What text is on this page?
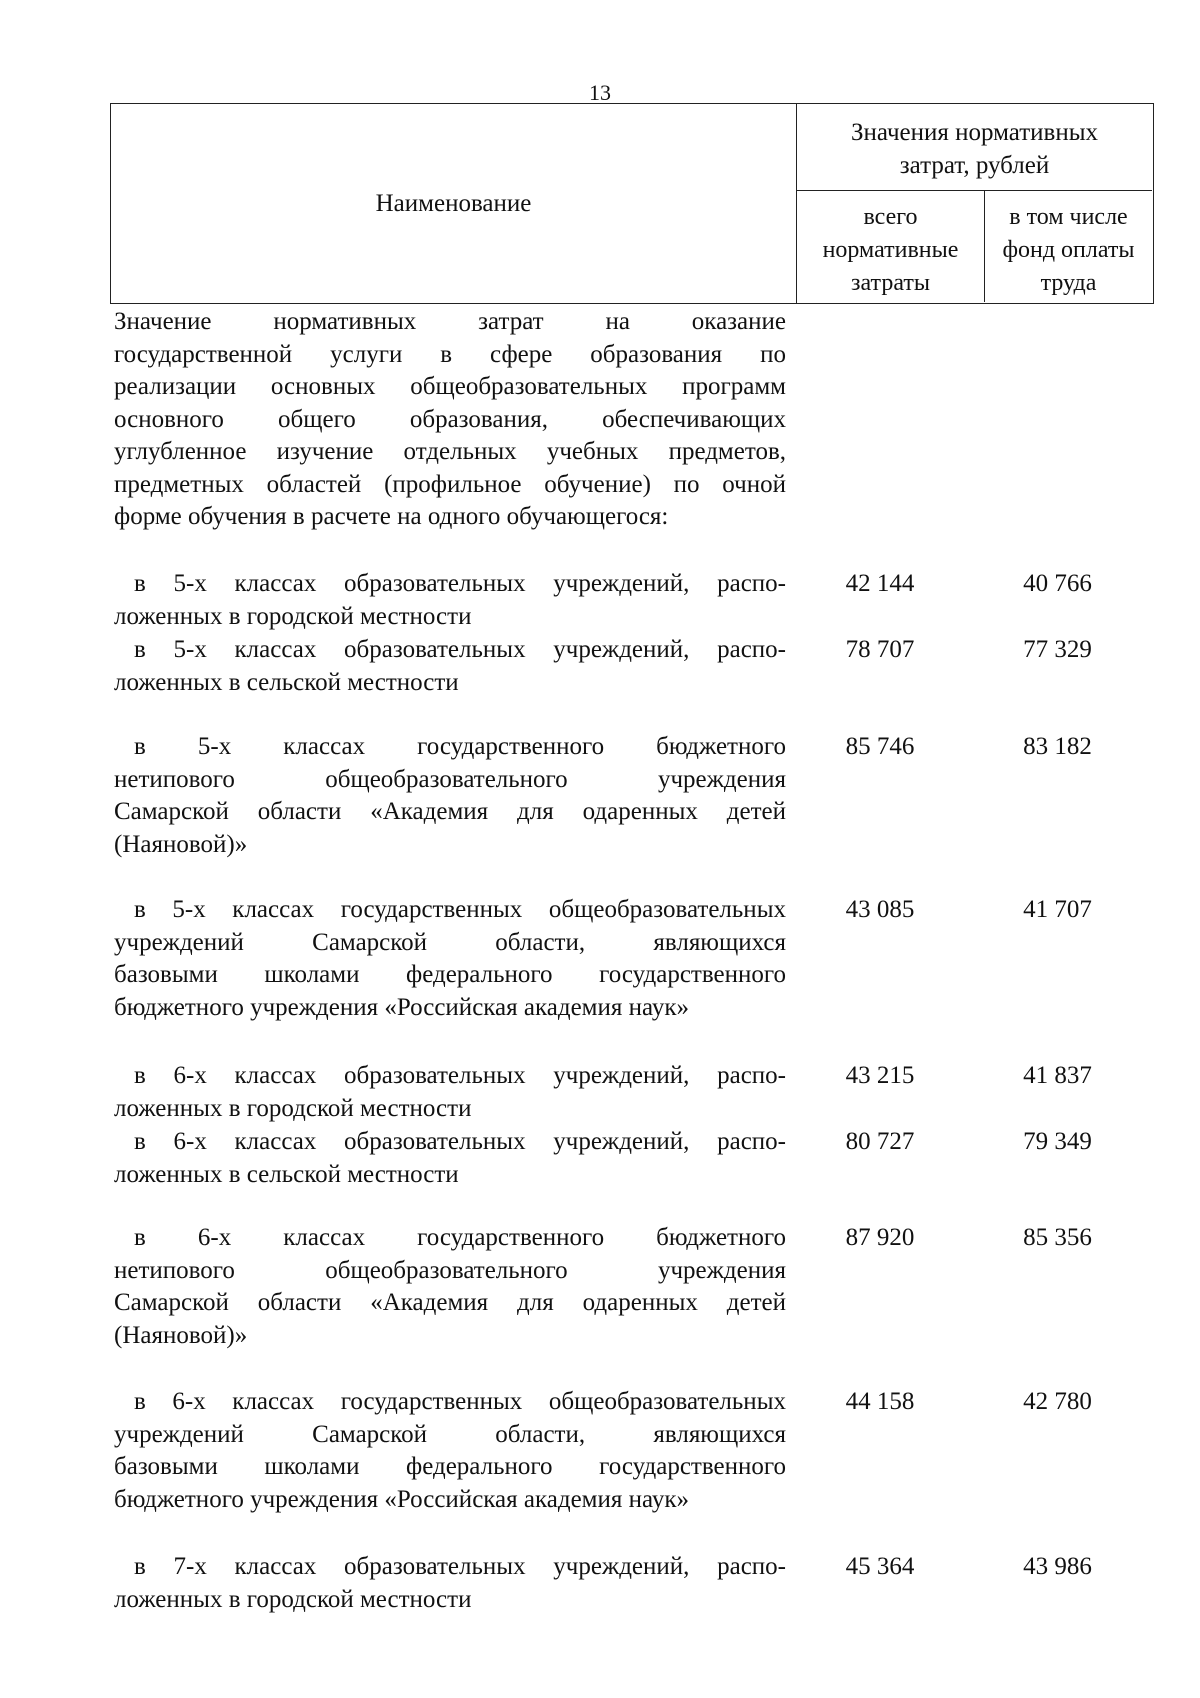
13
Наименование
Значения нормативных
затрат, рублей
всего
нормативные
затраты
в том числе
фонд оплаты
труда
Значение нормативных затрат на оказание
государственной услуги в сфере образования по
реализации основных общеобразовательных программ
основного общего образования, обеспечивающих
углубленное изучение отдельных учебных предметов,
предметных областей (профильное обучение) по очной
форме обучения в расчете на одного обучающегося:
в 5-х классах образовательных учреждений, распо-
ложенных в городской местности
42 144	40 766
в 5-х классах образовательных учреждений, распо-
ложенных в сельской местности
78 707	77 329
в 5-х классах государственного бюджетного
нетипового общеобразовательного учреждения
Самарской области «Академия для одаренных детей
(Наяновой)»
85 746	83 182
в 5-х классах государственных общеобразовательных
учреждений Самарской области, являющихся
базовыми школами федерального государственного
бюджетного учреждения «Российская академия наук»
43 085	41 707
в 6-х классах образовательных учреждений, распо-
ложенных в городской местности
43 215	41 837
в 6-х классах образовательных учреждений, распо-
ложенных в сельской местности
80 727	79 349
в 6-х классах государственного бюджетного
нетипового общеобразовательного учреждения
Самарской области «Академия для одаренных детей
(Наяновой)»
87 920	85 356
в 6-х классах государственных общеобразовательных
учреждений Самарской области, являющихся
базовыми школами федерального государственного
бюджетного учреждения «Российская академия наук»
44 158	42 780
в 7-х классах образовательных учреждений, распо-
ложенных в городской местности
45 364	43 986
